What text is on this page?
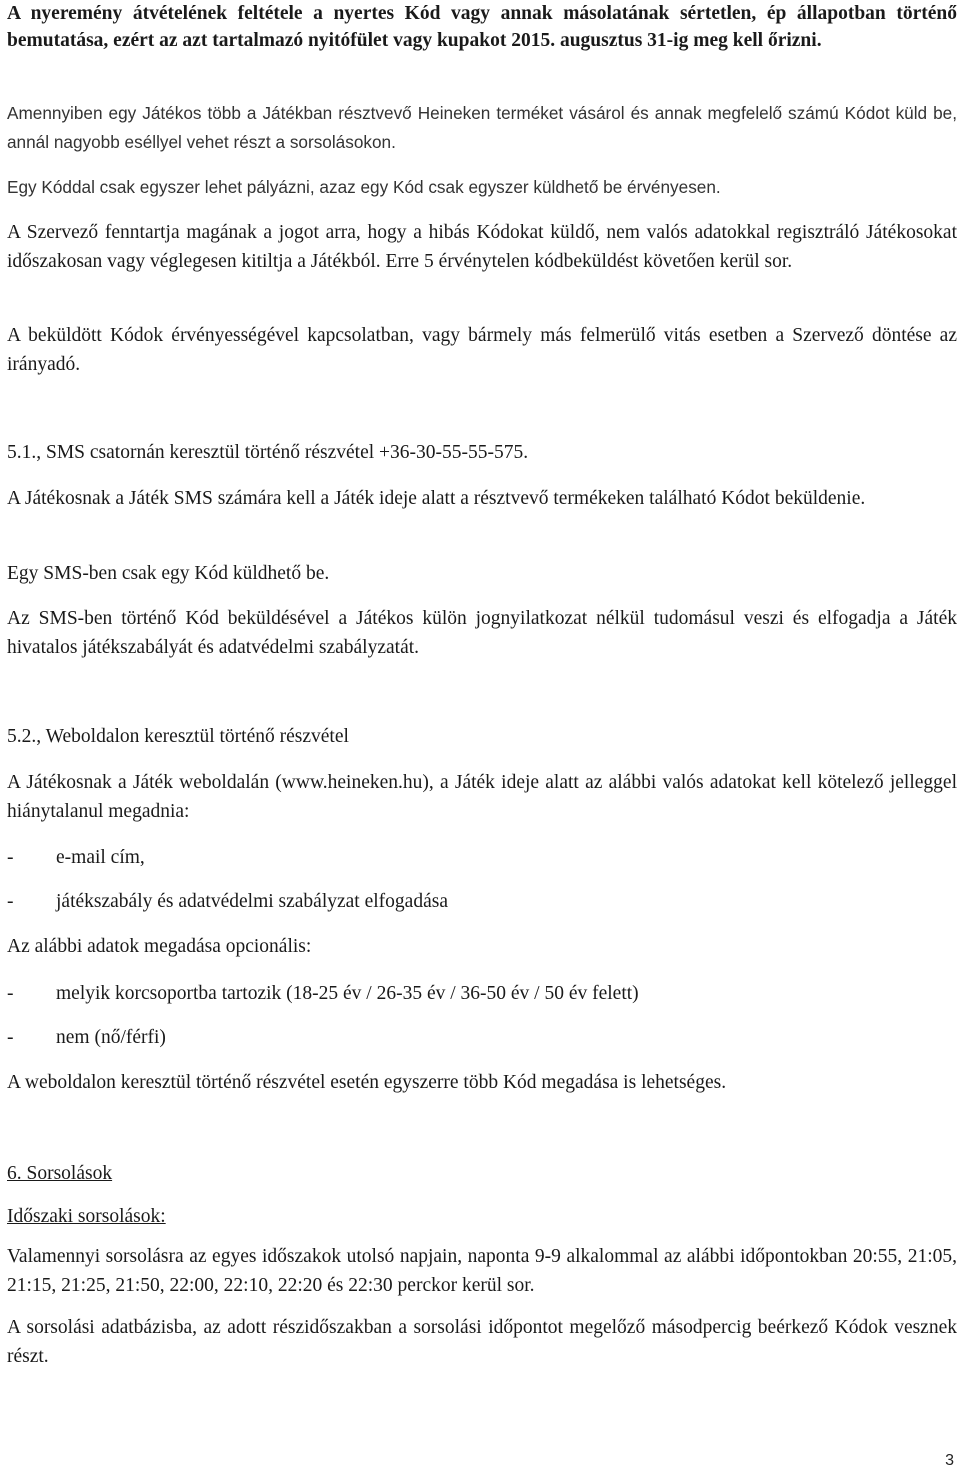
A nyeremény átvételének feltétele a nyertes Kód vagy annak másolatának sértetlen, ép állapotban történő bemutatása, ezért az azt tartalmazó nyitófület vagy kupakot 2015. augusztus 31-ig meg kell őrizni.

Amennyiben egy Játékos több a Játékban résztvevő Heineken terméket vásárol és annak megfelelő számú Kódot küld be, annál nagyobb eséllyel vehet részt a sorsolásokon.

Egy Kóddal csak egyszer lehet pályázni, azaz egy Kód csak egyszer küldhető be érvényesen.

A Szervező fenntartja magának a jogot arra, hogy a hibás Kódokat küldő, nem valós adatokkal regisztráló Játékosokat időszakosan vagy véglegesen kitiltja a Játékból. Erre 5 érvénytelen kódbeküldést követően kerül sor.

A beküldött Kódok érvényességével kapcsolatban, vagy bármely más felmerülő vitás esetben a Szervező döntése az irányadó.

5.1., SMS csatornán keresztül történő részvétel +36-30-55-55-575.

A Játékosnak a Játék SMS számára kell a Játék ideje alatt a résztvevő termékeken található Kódot beküldenie.

Egy SMS-ben csak egy Kód küldhető be.

Az SMS-ben történő Kód beküldésével a Játékos külön jognyilatkozat nélkül tudomásul veszi és elfogadja a Játék hivatalos játékszabályát és adatvédelmi szabályzatát.

5.2., Weboldalon keresztül történő részvétel

A Játékosnak a Játék weboldalán (www.heineken.hu), a Játék ideje alatt az alábbi valós adatokat kell kötelező jelleggel hiánytalanul megadnia:

- e-mail cím,
- játékszabály és adatvédelmi szabályzat elfogadása

Az alábbi adatok megadása opcionális:

- melyik korcsoportba tartozik (18-25 év / 26-35 év / 36-50 év / 50 év felett)
- nem (nő/férfi)

A weboldalon keresztül történő részvétel esetén egyszerre több Kód megadása is lehetséges.

6. Sorsolások

Időszaki sorsolások:

Valamennyi sorsolásra az egyes időszakok utolsó napjain, naponta 9-9 alkalommal az alábbi időpontokban 20:55, 21:05, 21:15, 21:25, 21:50, 22:00, 22:10, 22:20 és 22:30 perckor kerül sor.

A sorsolási adatbázisba, az adott részidőszakban a sorsolási időpontot megelőző másodpercig beérkező Kódok vesznek részt.

3
